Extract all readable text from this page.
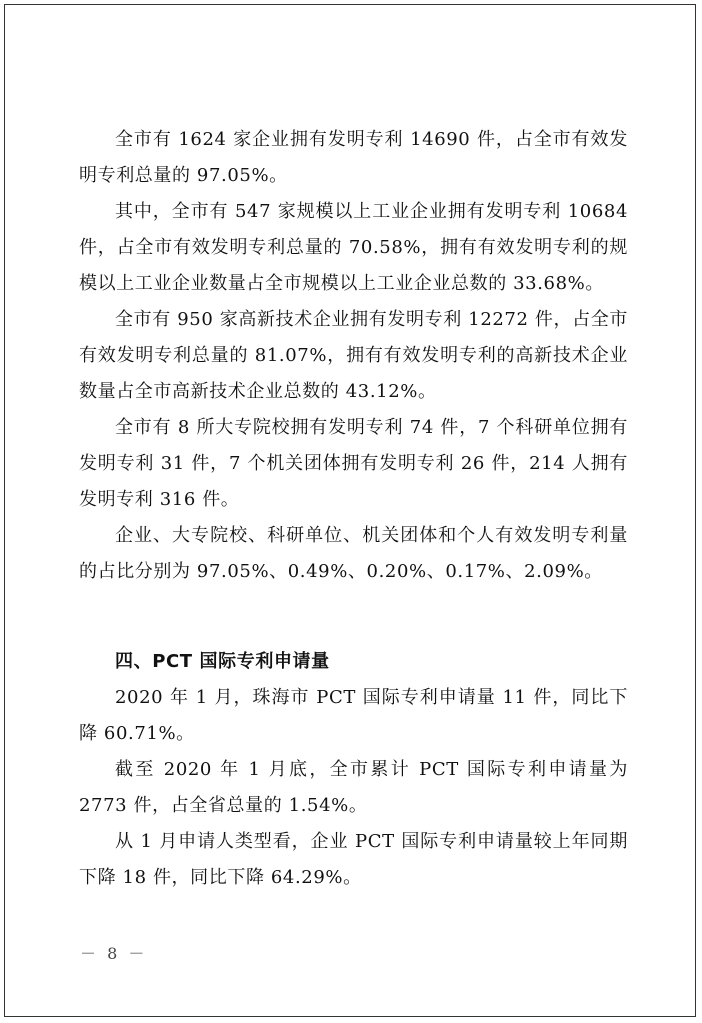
全市有 1624 家企业拥有发明专利 14690 件，占全市有效发明专利总量的 97.05%。

其中，全市有 547 家规模以上工业企业拥有发明专利 10684 件，占全市有效发明专利总量的 70.58%，拥有有效发明专利的规模以上工业企业数量占全市规模以上工业企业总数的 33.68%。

全市有 950 家高新技术企业拥有发明专利 12272 件，占全市有效发明专利总量的 81.07%，拥有有效发明专利的高新技术企业数量占全市高新技术企业总数的 43.12%。

全市有 8 所大专院校拥有发明专利 74 件，7 个科研单位拥有发明专利 31 件，7 个机关团体拥有发明专利 26 件，214 人拥有发明专利 316 件。

企业、大专院校、科研单位、机关团体和个人有效发明专利量的占比分别为 97.05%、0.49%、0.20%、0.17%、2.09%。

四、PCT 国际专利申请量

2020 年 1 月，珠海市 PCT 国际专利申请量 11 件，同比下降 60.71%。

截至 2020 年 1 月底，全市累计 PCT 国际专利申请量为 2773 件，占全省总量的 1.54%。

从 1 月申请人类型看，企业 PCT 国际专利申请量较上年同期下降 18 件，同比下降 64.29%。

－ 8 －
